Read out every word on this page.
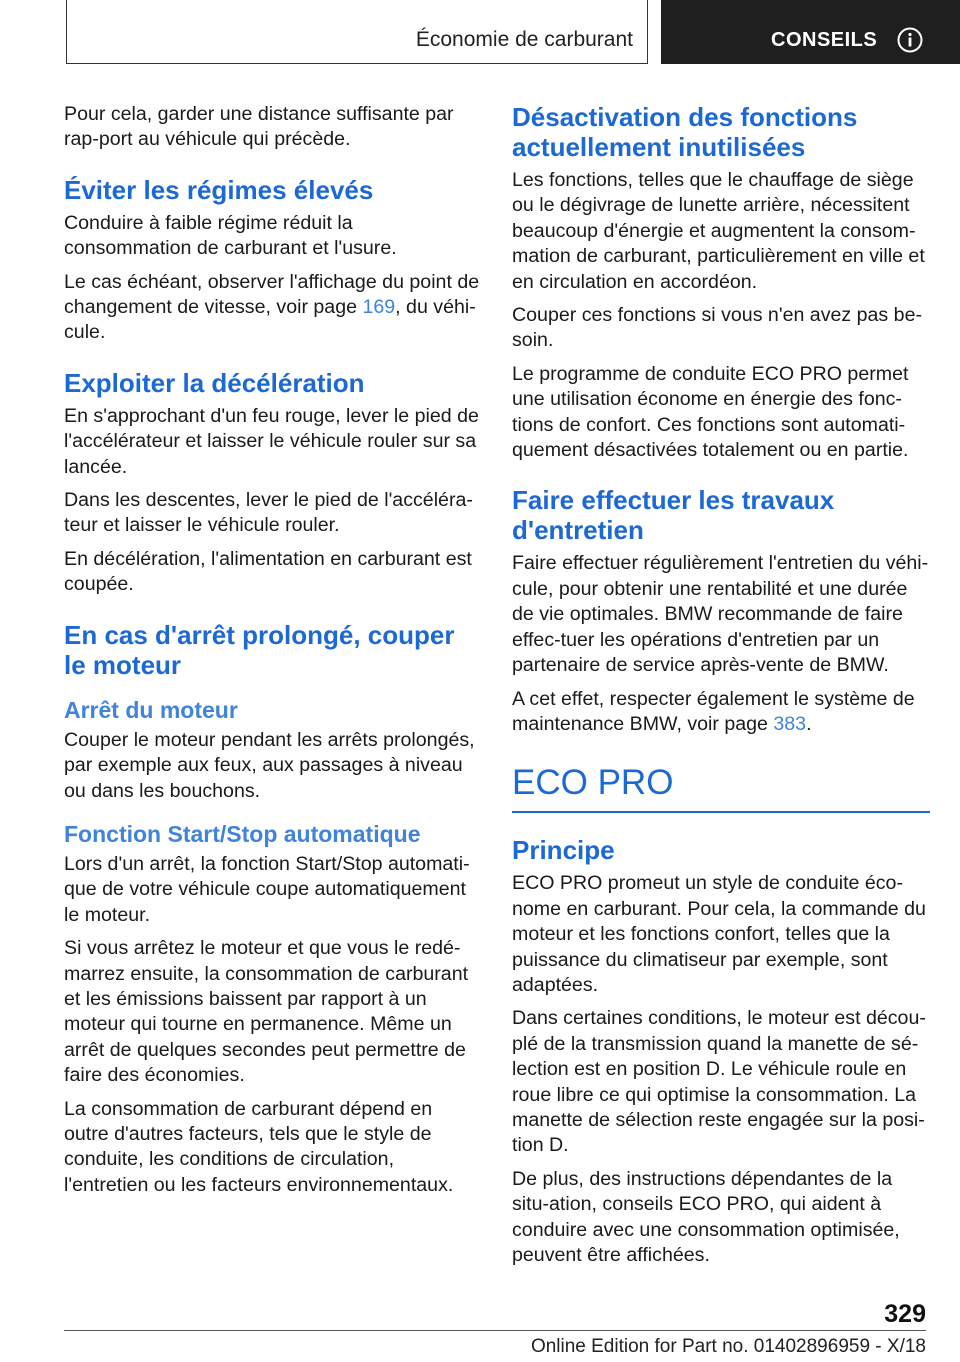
Économie de carburant	CONSEILS

Pour cela, garder une distance suffisante par rap-port au véhicule qui précède.

Éviter les régimes élevés

Conduire à faible régime réduit la consommation de carburant et l'usure.

Le cas échéant, observer l'affichage du point de changement de vitesse, voir page 169, du véhi-cule.

Exploiter la décélération

En s'approchant d'un feu rouge, lever le pied de l'accélérateur et laisser le véhicule rouler sur sa lancée.

Dans les descentes, lever le pied de l'accéléra-teur et laisser le véhicule rouler.

En décélération, l'alimentation en carburant est coupée.

En cas d'arrêt prolongé, couper le moteur
Arrêt du moteur

Couper le moteur pendant les arrêts prolongés, par exemple aux feux, aux passages à niveau ou dans les bouchons.

Fonction Start/Stop automatique

Lors d'un arrêt, la fonction Start/Stop automati-que de votre véhicule coupe automatiquement le moteur.

Si vous arrêtez le moteur et que vous le redé-marrez ensuite, la consommation de carburant et les émissions baissent par rapport à un moteur qui tourne en permanence. Même un arrêt de quelques secondes peut permettre de faire des économies.

La consommation de carburant dépend en outre d'autres facteurs, tels que le style de conduite, les conditions de circulation, l'entretien ou les facteurs environnementaux.

Désactivation des fonctions actuellement inutilisées

Les fonctions, telles que le chauffage de siège ou le dégivrage de lunette arrière, nécessitent beaucoup d'énergie et augmentent la consom-mation de carburant, particulièrement en ville et en circulation en accordéon.

Couper ces fonctions si vous n'en avez pas be-soin.

Le programme de conduite ECO PRO permet une utilisation économe en énergie des fonc-tions de confort. Ces fonctions sont automati-quement désactivées totalement ou en partie.

Faire effectuer les travaux d'entretien

Faire effectuer régulièrement l'entretien du véhi-cule, pour obtenir une rentabilité et une durée de vie optimales. BMW recommande de faire effec-tuer les opérations d'entretien par un partenaire de service après-vente de BMW.

A cet effet, respecter également le système de maintenance BMW, voir page 383.

ECO PRO
Principe

ECO PRO promeut un style de conduite éco-nome en carburant. Pour cela, la commande du moteur et les fonctions confort, telles que la puissance du climatiseur par exemple, sont adaptées.

Dans certaines conditions, le moteur est décou-plé de la transmission quand la manette de sé-lection est en position D. Le véhicule roule en roue libre ce qui optimise la consommation. La manette de sélection reste engagée sur la posi-tion D.

De plus, des instructions dépendantes de la situ-ation, conseils ECO PRO, qui aident à conduire avec une consommation optimisée, peuvent être affichées.

329
Online Edition for Part no. 01402896959 - X/18
